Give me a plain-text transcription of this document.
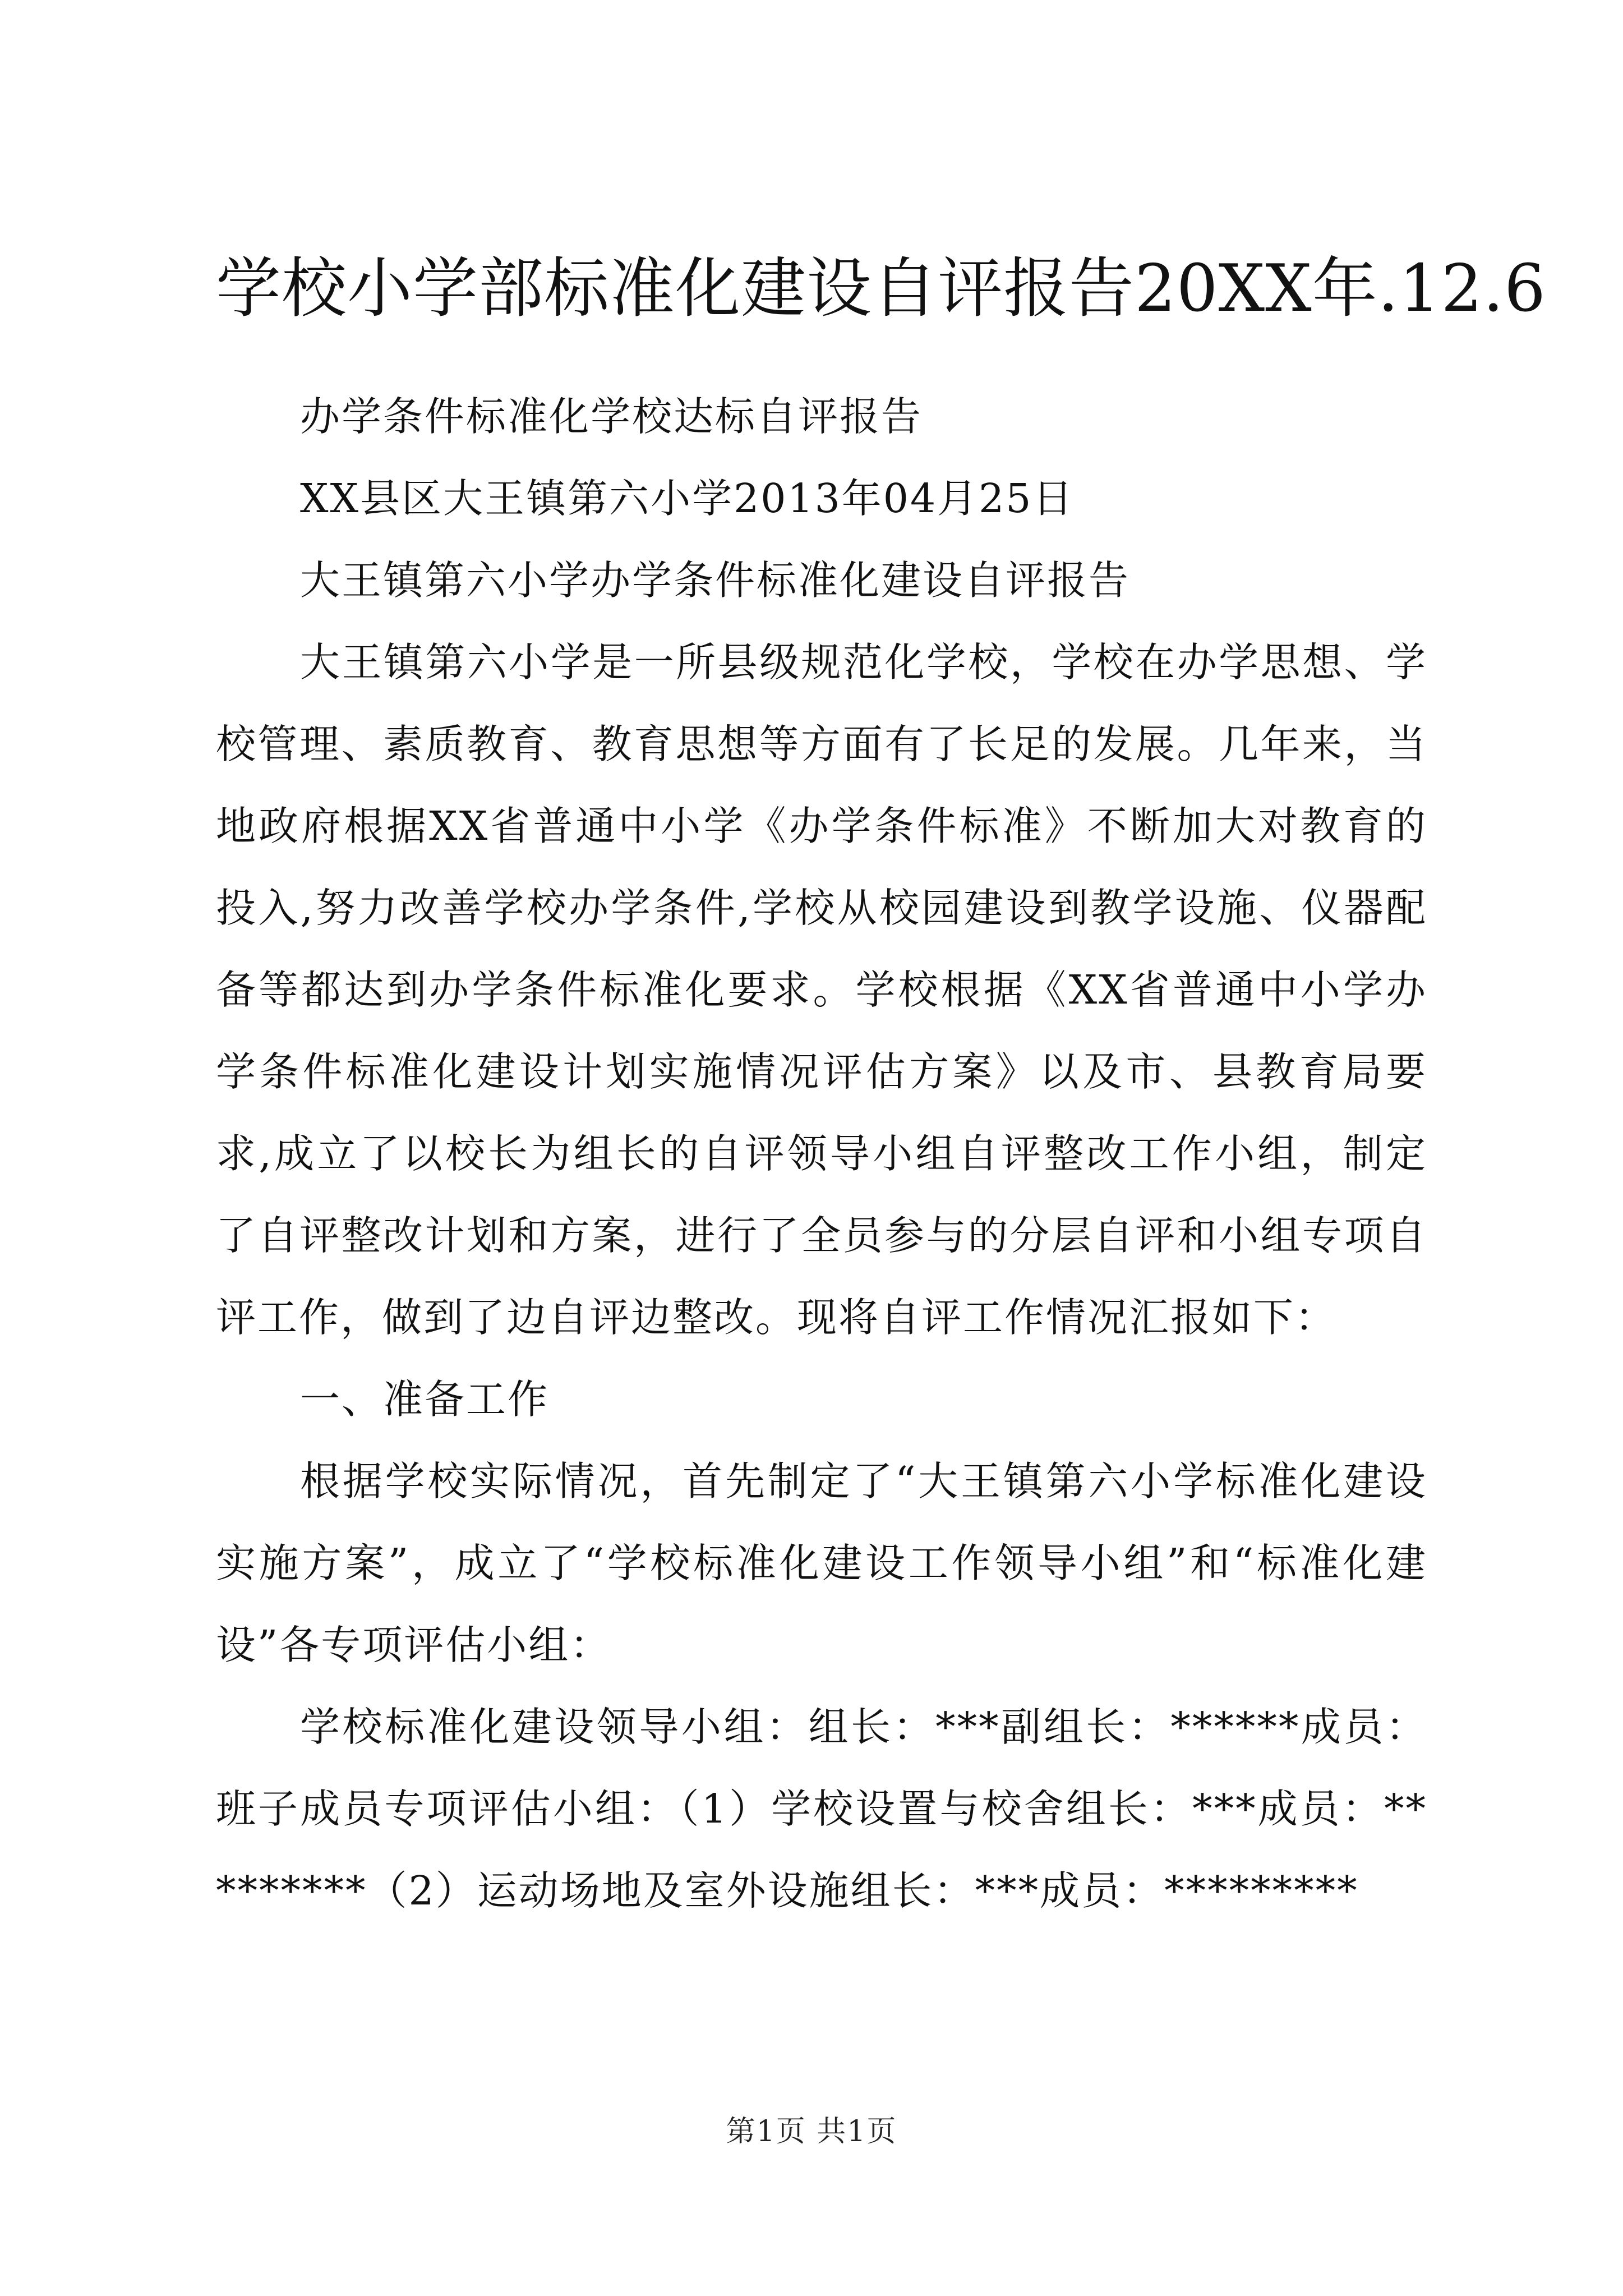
学校小学部标准化建设自评报告20XX年.12.6

办学条件标准化学校达标自评报告

XX县区大王镇第六小学2013年04月25日

大王镇第六小学办学条件标准化建设自评报告

大王镇第六小学是一所县级规范化学校，学校在办学思想、学校管理、素质教育、教育思想等方面有了长足的发展。几年来，当地政府根据XX省普通中小学《办学条件标准》不断加大对教育的投入,努力改善学校办学条件,学校从校园建设到教学设施、仪器配备等都达到办学条件标准化要求。学校根据《XX省普通中小学办学条件标准化建设计划实施情况评估方案》以及市、县教育局要求,成立了以校长为组长的自评领导小组自评整改工作小组，制定了自评整改计划和方案，进行了全员参与的分层自评和小组专项自评工作，做到了边自评边整改。现将自评工作情况汇报如下：

一、准备工作

根据学校实际情况，首先制定了“大王镇第六小学标准化建设实施方案”，成立了“学校标准化建设工作领导小组”和“标准化建设”各专项评估小组：

学校标准化建设领导小组：组长：***副组长：******成员：班子成员专项评估小组：（1）学校设置与校舍组长：***成员：*********（2）运动场地及室外设施组长：***成员：*********

第1页 共1页
